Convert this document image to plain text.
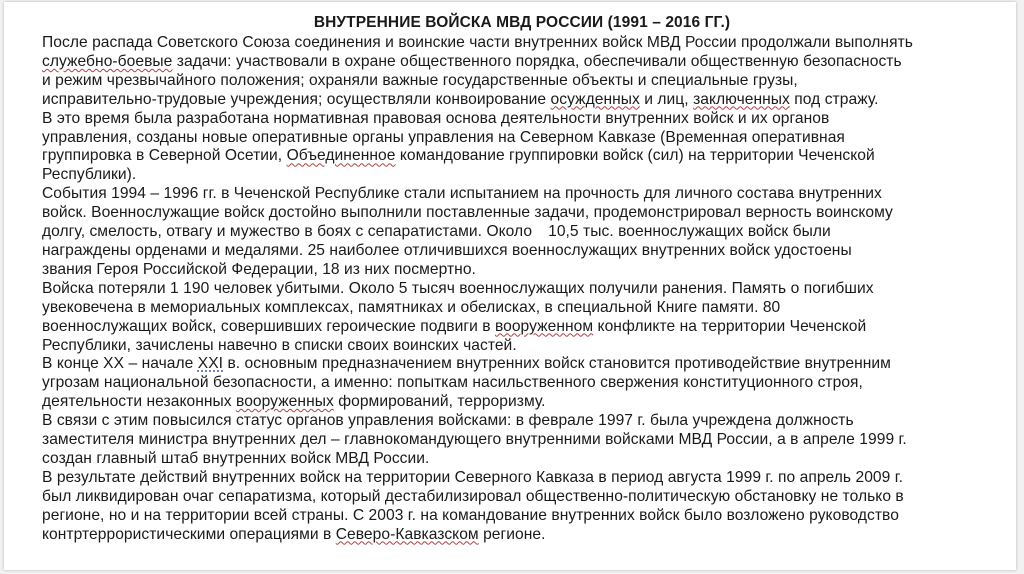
ВНУТРЕННИЕ ВОЙСКА МВД РОССИИ (1991 – 2016 ГГ.)

После распада Советского Союза соединения и воинские части внутренних войск МВД России продолжали выполнять
служебно-боевые задачи: участвовали в охране общественного порядка, обеспечивали общественную безопасность
и режим чрезвычайного положения; охраняли важные государственные объекты и специальные грузы,
исправительно-трудовые учреждения; осуществляли конвоирование осужденных и лиц, заключенных под стражу.

В это время была разработана нормативная правовая основа деятельности внутренних войск и их органов
управления, созданы новые оперативные органы управления на Северном Кавказе (Временная оперативная
группировка в Северной Осетии, Объединенное командование группировки войск (сил) на территории Чеченской
Республики).

События 1994 – 1996 гг. в Чеченской Республике стали испытанием на прочность для личного состава внутренних
войск. Военнослужащие войск достойно выполнили поставленные задачи, продемонстрировал верность воинскому
долгу, смелость, отвагу и мужество в боях с сепаратистами. Около 10,5 тыс. военнослужащих войск были
награждены орденами и медалями. 25 наиболее отличившихся военнослужащих внутренних войск удостоены
звания Героя Российской Федерации, 18 из них посмертно.

Войска потеряли 1 190 человек убитыми. Около 5 тысяч военнослужащих получили ранения. Память о погибших
увековечена в мемориальных комплексах, памятниках и обелисках, в специальной Книге памяти. 80
военнослужащих войск, совершивших героические подвиги в вооруженном конфликте на территории Чеченской
Республики, зачислены навечно в списки своих воинских частей.

В конце XX – начале XXI в. основным предназначением внутренних войск становится противодействие внутренним
угрозам национальной безопасности, а именно: попыткам насильственного свержения конституционного строя,
деятельности незаконных вооруженных формирований, терроризму.

В связи с этим повысился статус органов управления войсками: в феврале 1997 г. была учреждена должность
заместителя министра внутренних дел – главнокомандующего внутренними войсками МВД России, а в апреле 1999 г.
создан главный штаб внутренних войск МВД России.

В результате действий внутренних войск на территории Северного Кавказа в период августа 1999 г. по апрель 2009 г.
был ликвидирован очаг сепаратизма, который дестабилизировал общественно-политическую обстановку не только в
регионе, но и на территории всей страны. С 2003 г. на командование внутренних войск было возложено руководство
контртеррористическими операциями в Северо-Кавказском регионе.
